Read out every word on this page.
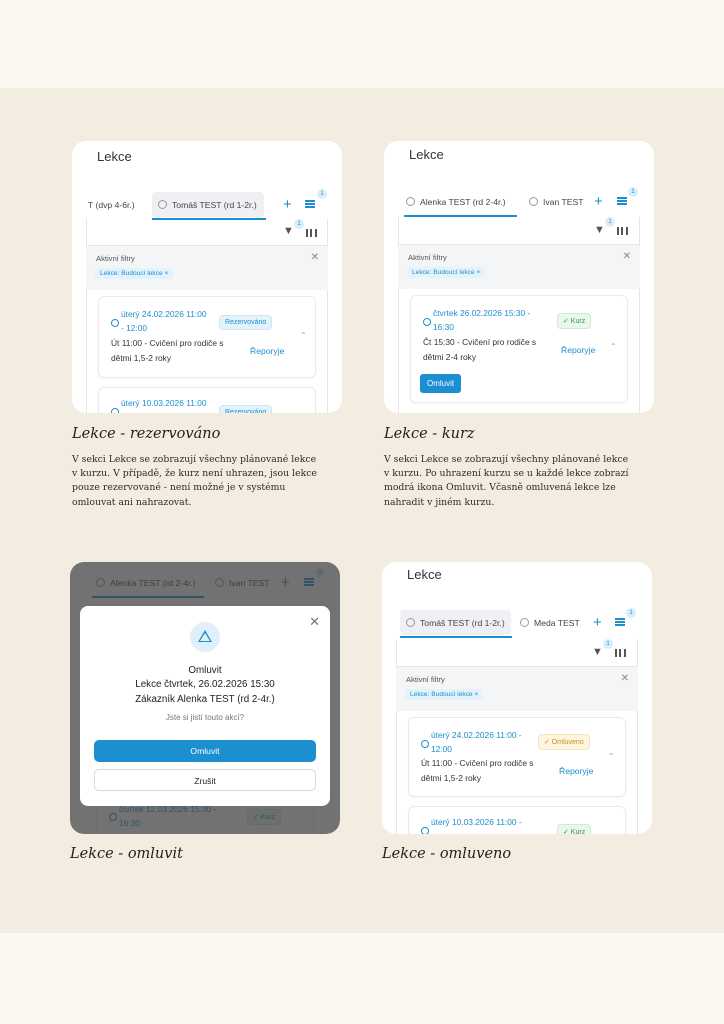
Lekce
T (dvp 4-6r.)	Tomáš TEST (rd 1-2r.) +
1
▼
1
Aktivní filtry	✕
Lekce: Budoucí lekce ×
úterý 24.02.2026 11:00
- 12:00
Rezervováno
Út 11:00 - Cvičení pro rodiče s
dětmi 1,5-2 roky
Řeporyje
⌃
úterý 10.03.2026 11:00
Rezervováno
Lekce - rezervováno
V sekci Lekce se zobrazují všechny plánované lekce
v kurzu. V případě, že kurz není uhrazen, jsou lekce
pouze rezervované - není možné je v systému
omlouvat ani nahrazovat.
Lekce
Alenka TEST (rd 2-4r.)	Ivan TEST +
1
▼
1
Aktivní filtry	✕
Lekce: Budoucí lekce ×
čtvrtek 26.02.2026 15:30 -
16:30
✓ Kurz
Čt 15:30 - Cvičení pro rodiče s
dětmi 2-4 roky
Řeporyje ⌃
Omluvit
Lekce - kurz
V sekci Lekce se zobrazují všechny plánované lekce
v kurzu. Po uhrazení kurzu se u každé lekce zobrazí
modrá ikona Omluvit. Včasně omluvená lekce lze
nahradit v jiném kurzu.
✕
Omluvit
Lekce čtvrtek, 26.02.2026 15:30
Zákazník Alenka TEST (rd 2-4r.)
Jste si jistí touto akcí?
Omluvit
Zrušit
Lekce - omluvit
Lekce
Tomáš TEST (rd 1-2r.)	Meda TEST +
1
▼
1
Aktivní filtry	✕
Lekce: Budoucí lekce ×
úterý 24.02.2026 11:00 -
12:00
✓ Omluveno
Út 11:00 - Cvičení pro rodiče s
dětmi 1,5-2 roky
Řeporyje
⌃
úterý 10.03.2026 11:00 -
✓ Kurz
Lekce - omluveno
